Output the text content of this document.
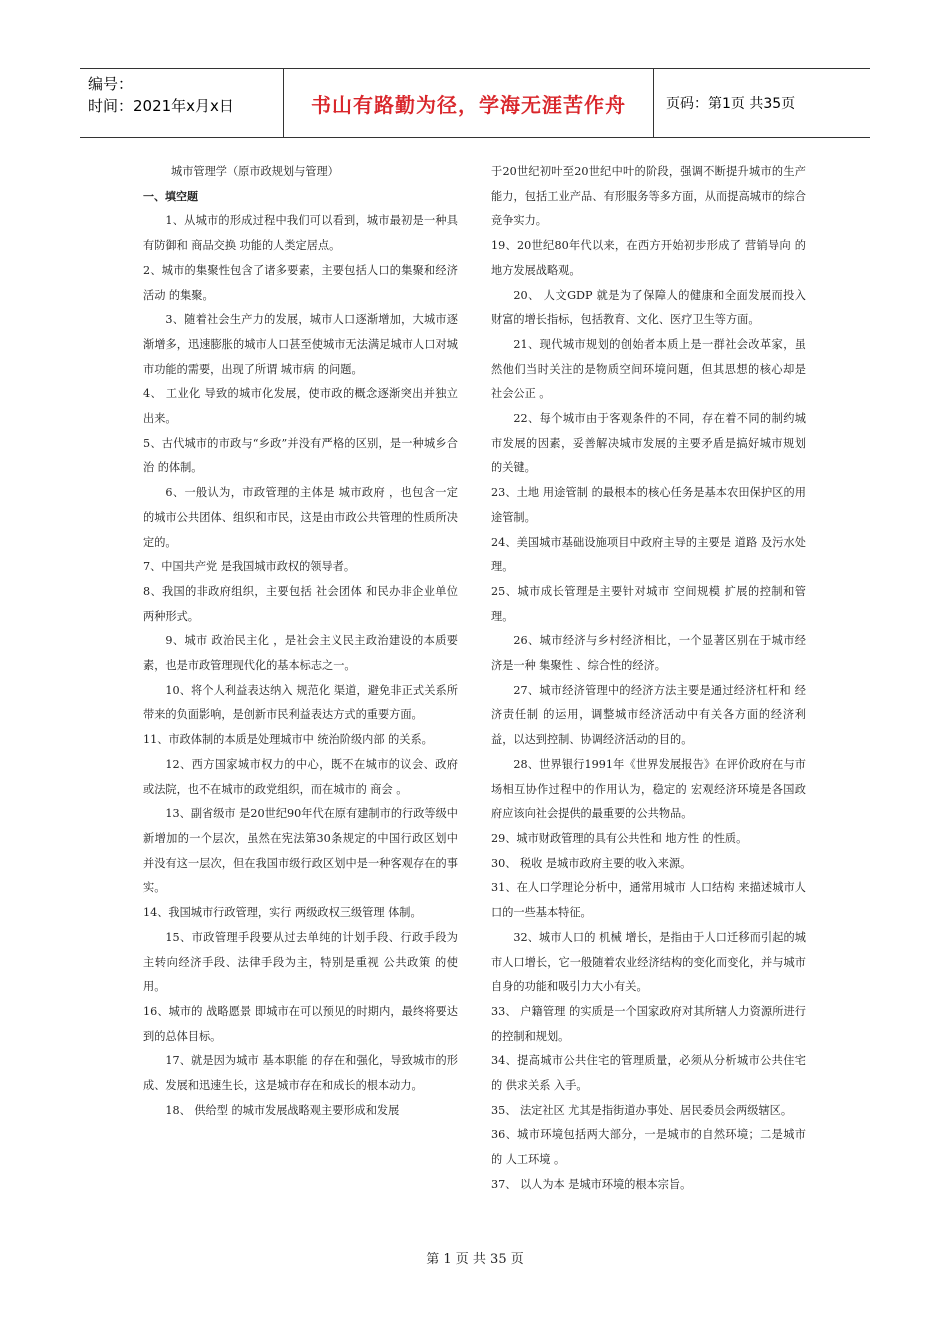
编号：
时间：2021年x月x日	书山有路勤为径，学海无涯苦作舟	页码：第1页 共35页

城市管理学（原市政规划与管理）

一、填空题

1、从城市的形成过程中我们可以看到，城市最初是一种具有防御和 商品交换 功能的人类定居点。

2、城市的集聚性包含了诸多要素，主要包括人口的集聚和经济活动 的集聚。

3、随着社会生产力的发展，城市人口逐渐增加，大城市逐渐增多，迅速膨胀的城市人口甚至使城市无法满足城市人口对城市功能的需要，出现了所谓 城市病 的问题。

4、 工业化 导致的城市化发展，使市政的概念逐渐突出并独立出来。

5、古代城市的市政与“乡政”并没有严格的区别，是一种城乡合治 的体制。

6、一般认为，市政管理的主体是 城市政府 ，也包含一定的城市公共团体、组织和市民，这是由市政公共管理的性质所决定的。

7、中国共产党 是我国城市政权的领导者。

8、我国的非政府组织，主要包括 社会团体 和民办非企业单位两种形式。

9、城市 政治民主化 ，是社会主义民主政治建设的本质要素，也是市政管理现代化的基本标志之一。

10、将个人利益表达纳入 规范化 渠道，避免非正式关系所带来的负面影响，是创新市民利益表达方式的重要方面。

11、市政体制的本质是处理城市中 统治阶级内部 的关系。

12、西方国家城市权力的中心，既不在城市的议会、政府或法院，也不在城市的政党组织，而在城市的 商会 。

13、副省级市 是20世纪90年代在原有建制市的行政等级中新增加的一个层次，虽然在宪法第30条规定的中国行政区划中并没有这一层次，但在我国市级行政区划中是一种客观存在的事实。

14、我国城市行政管理，实行 两级政权三级管理 体制。

15、市政管理手段要从过去单纯的计划手段、行政手段为主转向经济手段、法律手段为主，特别是重视 公共政策 的使用。

16、城市的 战略愿景 即城市在可以预见的时期内，最终将要达到的总体目标。

17、就是因为城市 基本职能 的存在和强化，导致城市的形成、发展和迅速生长，这是城市存在和成长的根本动力。

18、 供给型 的城市发展战略观主要形成和发展

于20世纪初叶至20世纪中叶的阶段，强调不断提升城市的生产能力，包括工业产品、有形服务等多方面，从而提高城市的综合竞争实力。

19、20世纪80年代以来，在西方开始初步形成了 营销导向 的地方发展战略观。

20、 人文GDP 就是为了保障人的健康和全面发展而投入财富的增长指标，包括教育、文化、医疗卫生等方面。

21、现代城市规划的创始者本质上是一群社会改革家，虽然他们当时关注的是物质空间环境问题，但其思想的核心却是 社会公正 。

22、每个城市由于客观条件的不同，存在着不同的制约城市发展的因素，妥善解决城市发展的主要矛盾是搞好城市规划 的关键。

23、土地 用途管制 的最根本的核心任务是基本农田保护区的用途管制。

24、美国城市基础设施项目中政府主导的主要是 道路 及污水处理。

25、城市成长管理是主要针对城市 空间规模 扩展的控制和管理。

26、城市经济与乡村经济相比，一个显著区别在于城市经济是一种 集聚性 、综合性的经济。

27、城市经济管理中的经济方法主要是通过经济杠杆和 经济责任制 的运用，调整城市经济活动中有关各方面的经济利益，以达到控制、协调经济活动的目的。

28、世界银行1991年《世界发展报告》在评价政府在与市场相互协作过程中的作用认为，稳定的 宏观经济环境是各国政府应该向社会提供的最重要的公共物品。

29、城市财政管理的具有公共性和 地方性 的性质。

30、 税收 是城市政府主要的收入来源。

31、在人口学理论分析中，通常用城市 人口结构 来描述城市人口的一些基本特征。

32、城市人口的 机械 增长，是指由于人口迁移而引起的城市人口增长，它一般随着农业经济结构的变化而变化，并与城市自身的功能和吸引力大小有关。

33、 户籍管理 的实质是一个国家政府对其所辖人力资源所进行的控制和规划。

34、提高城市公共住宅的管理质量，必须从分析城市公共住宅的 供求关系 入手。

35、 法定社区 尤其是指街道办事处、居民委员会两级辖区。

36、城市环境包括两大部分，一是城市的自然环境；二是城市的 人工环境 。

37、 以人为本 是城市环境的根本宗旨。

第 1 页 共 35 页
